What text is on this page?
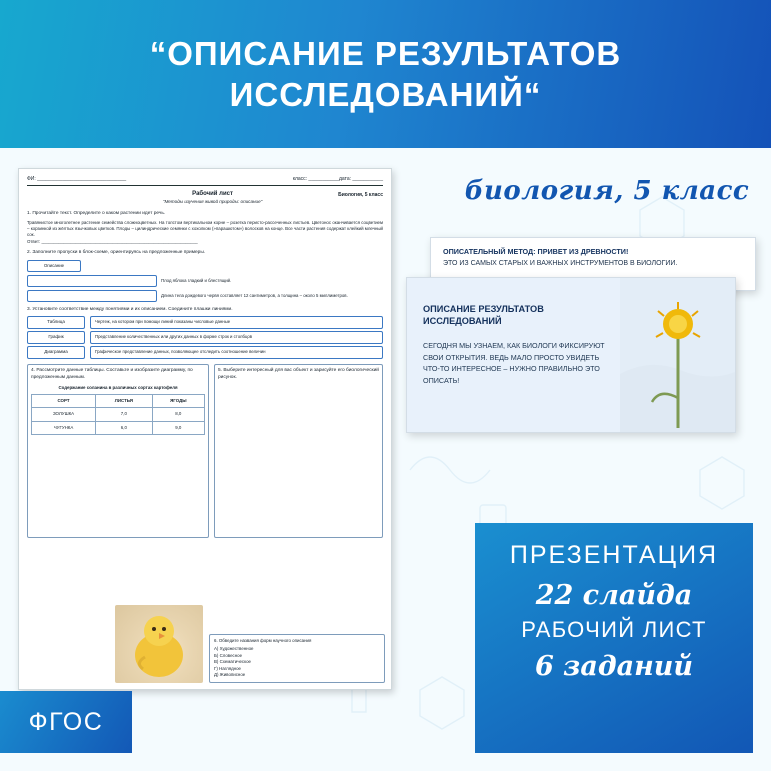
“ОПИСАНИЕ РЕЗУЛЬТАТОВ ИССЛЕДОВАНИЙ“
ФИ: ________________________________	класс: ___________ дата: ___________
Рабочий лист
"Методы изучения живой природы: описание"
Биология, 5 класс
1. Прочитайте текст. Определите о каком растении идет речь.
Травянистое многолетнее растение семейства сложноцветных. На толстом вертикальном корне – розетка перисто-рассеченных листьев. Цветонос оканчивается соцветием – корзинкой из жёлтых язычковых цветков. Плоды – цилиндрические семянки с хохолком (»парашютом») волосков на конце. Все части растения содержат клейкий млечный сок.
Ответ: ________________________________________________________________
2. Заполните пропуски в блок-схеме, ориентируясь на предложенные примеры.
Описание

Плод яблока гладкий и блестящий.

Длина тела дождевого червя составляет 12 сантиметров, а толщина – около 5 миллиметров.
3. Установите соответствие между понятиями и их описанием. Соедините плашки линиями.
Таблица	Чертеж, на котором при помощи линий показаны числовые данные
График	Представление количественных или других данных в форме строк и столбцов
Диаграмма	Графическое представление данных, позволяющее отследить соотношение величин
4. Рассмотрите данные таблицы. Составьте и изобразите диаграмму, по предложенным данным.
Содержание соланина в различных сортах картофеля
СОРТ	ЛИСТЬЯ	ЯГОДЫ
ЗОЛУШКА	7,0	8,0
ЧУГУНКА	6,0	9,0
5. Выберите интересный для вас объект и зарисуйте его биологический рисунок.
6. Обведите названия форм научного описания
А) Художественное
Б) Словесное
В) Схематическое
Г) Наглядное
Д) Живописное
биология, 5 класс
ОПИСАТЕЛЬНЫЙ МЕТОД: ПРИВЕТ ИЗ ДРЕВНОСТИ!
ЭТО ИЗ САМЫХ СТАРЫХ И ВАЖНЫХ ИНСТРУМЕНТОВ В БИОЛОГИИ.
ОПИСАНИЕ РЕЗУЛЬТАТОВ ИССЛЕДОВАНИЙ
СЕГОДНЯ МЫ УЗНАЕМ, КАК БИОЛОГИ ФИКСИРУЮТ СВОИ ОТКРЫТИЯ. ВЕДЬ МАЛО ПРОСТО УВИДЕТЬ ЧТО-ТО ИНТЕРЕСНОЕ – НУЖНО ПРАВИЛЬНО ЭТО ОПИСАТЬ!
ПРЕЗЕНТАЦИЯ
22 слайда
РАБОЧИЙ ЛИСТ
6 заданий
ФГОС
